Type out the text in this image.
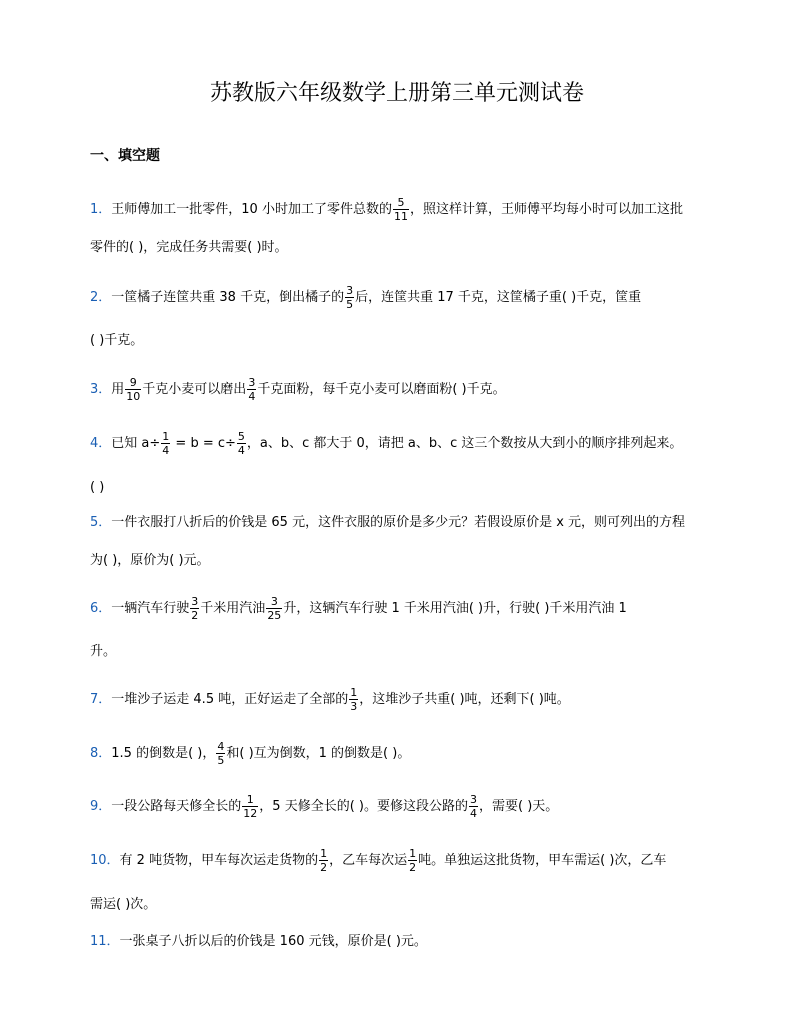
苏教版六年级数学上册第三单元测试卷
一、填空题
1．王师傅加工一批零件，10 小时加工了零件总数的 $\frac{5}{11}$ ，照这样计算，王师傅平均每小时可以加工这批
零件的( )，完成任务共需要( )时。
2．一筐橘子连筐共重 38 千克，倒出橘子的 $\frac{3}{5}$ 后，连筐共重 17 千克，这筐橘子重( )千克，筐重
( )千克。
3．用 $\frac{9}{10}$ 千克小麦可以磨出 $\frac{3}{4}$ 千克面粉，每千克小麦可以磨面粉( )千克。
4．已知 $a\div \frac{1}{4} = b = c\div \frac{5}{4}$ ，a、b、c 都大于 0，请把 a、b、c 这三个数按从大到小的顺序排列起来。
( )
5．一件衣服打八折后的价钱是 65 元，这件衣服的原价是多少元？若假设原价是 x 元，则可列出的方程
为( )，原价为( )元。
6．一辆汽车行驶 $\frac{3}{2}$ 千米用汽油 $\frac{3}{25}$ 升，这辆汽车行驶 1 千米用汽油( )升，行驶( )千米用汽油 1
升。
7．一堆沙子运走 4.5 吨，正好运走了全部的 $\frac{1}{3}$ ，这堆沙子共重( )吨，还剩下( )吨。
8．1.5 的倒数是( )， $\frac{4}{5}$ 和( )互为倒数，1 的倒数是( )。
9．一段公路每天修全长的 $\frac{1}{12}$ ，5 天修全长的( )。要修这段公路的 $\frac{3}{4}$ ，需要( )天。
10．有 2 吨货物，甲车每次运走货物的 $\frac{1}{2}$ ，乙车每次运 $\frac{1}{2}$ 吨。单独运这批货物，甲车需运( )次，乙车
需运( )次。
11．一张桌子八折以后的价钱是 160 元钱，原价是( )元。
